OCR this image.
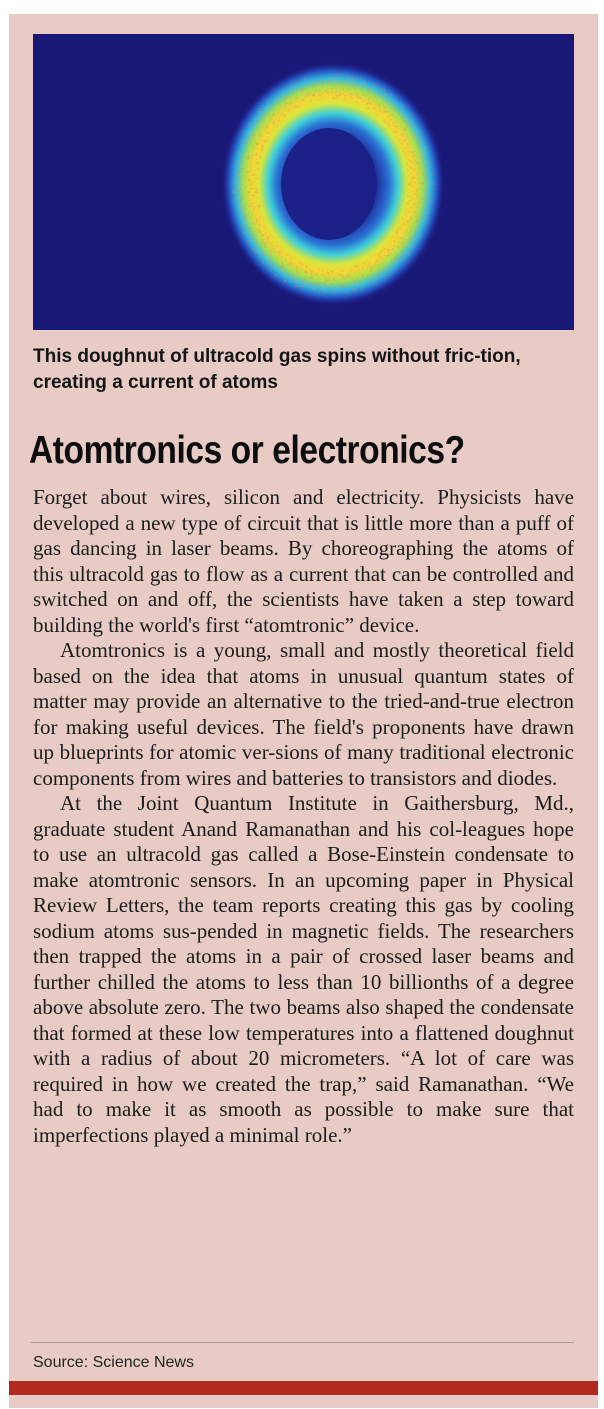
This doughnut of ultracold gas spins without fric-tion, creating a current of atoms
Atomtronics or electronics?

Forget about wires, silicon and electricity. Physicists have developed a new type of circuit that is little more than a puff of gas dancing in laser beams. By choreographing the atoms of this ultracold gas to flow as a current that can be controlled and switched on and off, the scientists have taken a step toward building the world's first “atomtronic” device.

Atomtronics is a young, small and mostly theoretical field based on the idea that atoms in unusual quantum states of matter may provide an alternative to the tried-and-true electron for making useful devices. The field's proponents have drawn up blueprints for atomic ver-sions of many traditional electronic components from wires and batteries to transistors and diodes.

At the Joint Quantum Institute in Gaithersburg, Md., graduate student Anand Ramanathan and his col-leagues hope to use an ultracold gas called a Bose-Einstein condensate to make atomtronic sensors. In an upcoming paper in Physical Review Letters, the team reports creating this gas by cooling sodium atoms sus-pended in magnetic fields. The researchers then trapped the atoms in a pair of crossed laser beams and further chilled the atoms to less than 10 billionths of a degree above absolute zero. The two beams also shaped the condensate that formed at these low temperatures into a flattened doughnut with a radius of about 20 micrometers. “A lot of care was required in how we created the trap,” said Ramanathan. “We had to make it as smooth as possible to make sure that imperfections played a minimal role.”

Source: Science News
